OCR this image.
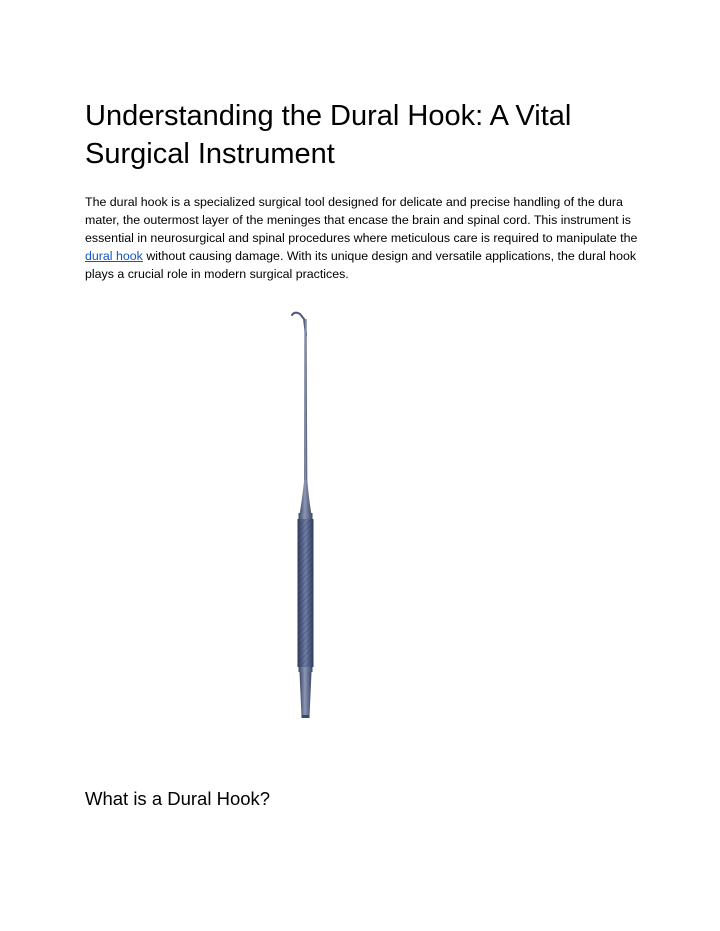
Understanding the Dural Hook: A Vital Surgical Instrument

The dural hook is a specialized surgical tool designed for delicate and precise handling of the dura mater, the outermost layer of the meninges that encase the brain and spinal cord. This instrument is essential in neurosurgical and spinal procedures where meticulous care is required to manipulate the dural hook without causing damage. With its unique design and versatile applications, the dural hook plays a crucial role in modern surgical practices.

What is a Dural Hook?
